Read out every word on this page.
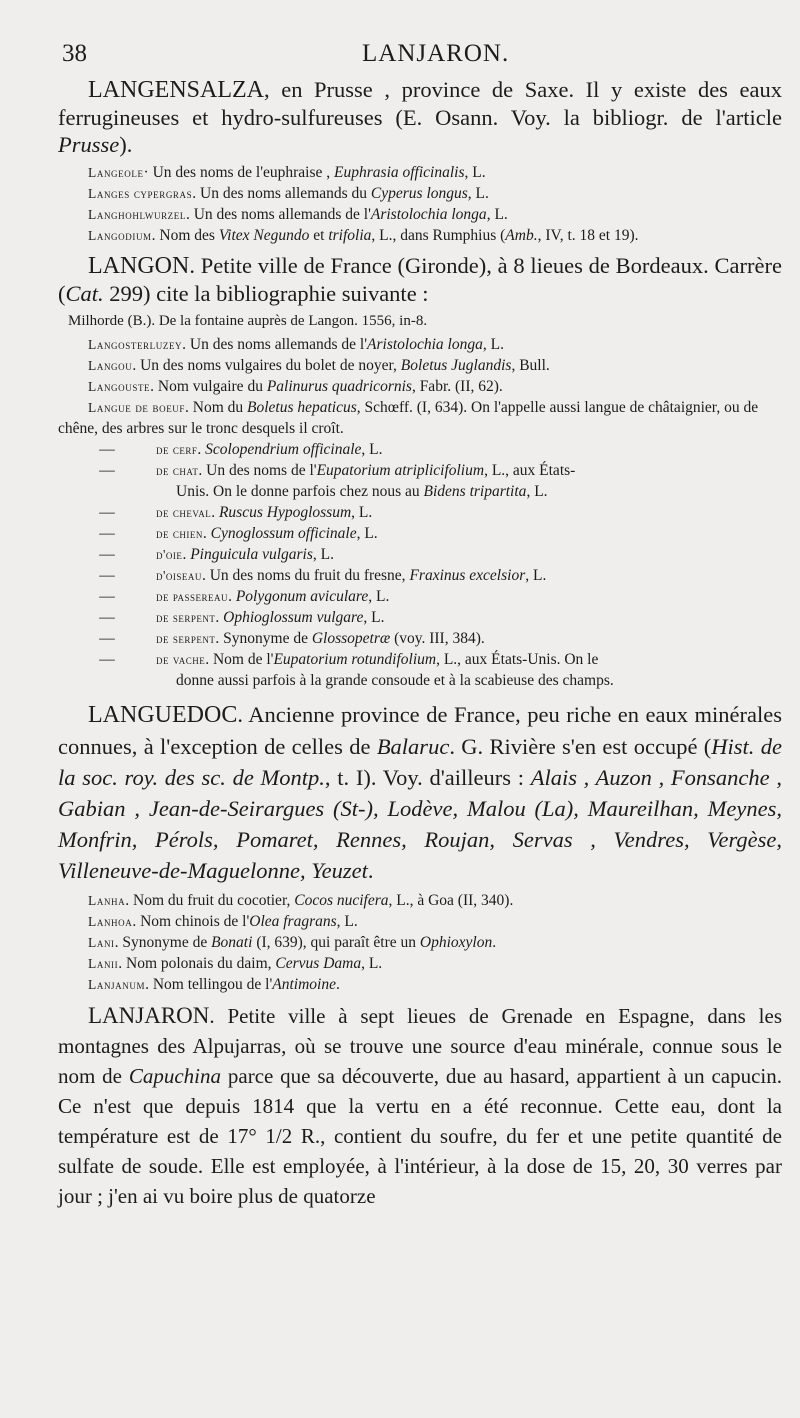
38	LANJARON.

LANGENSALZA, en Prusse , province de Saxe. Il y existe des eaux ferrugineuses et hydro-sulfureuses (E. Osann. Voy. la bibliogr. de l'article Prusse).

Langeole· Un des noms de l'euphraise , Euphrasia officinalis, L.

Langes cypergras. Un des noms allemands du Cyperus longus, L.

Langhohlwurzel. Un des noms allemands de l'Aristolochia longa, L.

Langodium. Nom des Vitex Negundo et trifolia, L., dans Rumphius (Amb., IV, t. 18 et 19).

LANGON. Petite ville de France (Gironde), à 8 lieues de Bordeaux. Carrère (Cat. 299) cite la bibliographie suivante :

Milhorde (B.). De la fontaine auprès de Langon. 1556, in-8.

Langosterluzey. Un des noms allemands de l'Aristolochia longa, L.

Langou. Un des noms vulgaires du bolet de noyer, Boletus Juglandis, Bull.

Langouste. Nom vulgaire du Palinurus quadricornis, Fabr. (II, 62).

Langue de boeuf. Nom du Boletus hepaticus, Schœff. (I, 634). On l'appelle aussi langue de châtaignier, ou de chêne, des arbres sur le tronc desquels il croît.

—	de cerf. Scolopendrium officinale, L.
—	de chat. Un des noms de l'Eupatorium atriplicifolium, L., aux États-
Unis. On le donne parfois chez nous au Bidens tripartita, L.
—	de cheval. Ruscus Hypoglossum, L.
—	de chien. Cynoglossum officinale, L.
—	d'oie. Pinguicula vulgaris, L.
—	d'oiseau. Un des noms du fruit du fresne, Fraxinus excelsior, L.
—	de passereau. Polygonum aviculare, L.
—	de serpent. Ophioglossum vulgare, L.
—	de serpent. Synonyme de Glossopetræ (voy. III, 384).
—	de vache. Nom de l'Eupatorium rotundifolium, L., aux États-Unis. On le
donne aussi parfois à la grande consoude et à la scabieuse des champs.

LANGUEDOC. Ancienne province de France, peu riche en eaux minérales connues, à l'exception de celles de Balaruc. G. Rivière s'en est occupé (Hist. de la soc. roy. des sc. de Montp., t. I). Voy. d'ailleurs : Alais , Auzon , Fonsanche , Gabian , Jean-de-Seirargues (St-), Lodève, Malou (La), Maureilhan, Meynes, Monfrin, Pérols, Pomaret, Rennes, Roujan, Servas , Vendres, Vergèse, Villeneuve-de-Maguelonne, Yeuzet.

Lanha. Nom du fruit du cocotier, Cocos nucifera, L., à Goa (II, 340).

Lanhoa. Nom chinois de l'Olea fragrans, L.

Lani. Synonyme de Bonati (I, 639), qui paraît être un Ophioxylon.

Lanii. Nom polonais du daim, Cervus Dama, L.

Lanjanum. Nom tellingou de l'Antimoine.

LANJARON. Petite ville à sept lieues de Grenade en Espagne, dans les montagnes des Alpujarras, où se trouve une source d'eau minérale, connue sous le nom de Capuchina parce que sa découverte, due au hasard, appartient à un capucin. Ce n'est que depuis 1814 que la vertu en a été reconnue. Cette eau, dont la température est de 17° 1/2 R., contient du soufre, du fer et une petite quantité de sulfate de soude. Elle est employée, à l'intérieur, à la dose de 15, 20, 30 verres par jour ; j'en ai vu boire plus de quatorze
